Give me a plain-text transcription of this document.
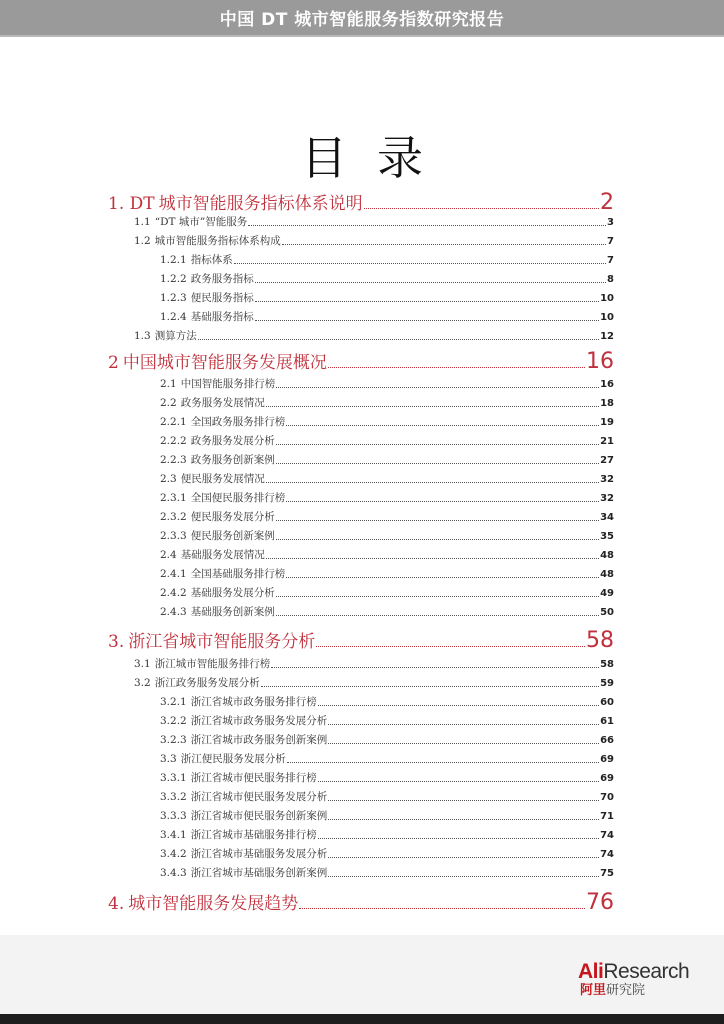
中国 DT 城市智能服务指数研究报告
目录
1. DT 城市智能服务指标体系说明	2
1.1 “DT 城市”智能服务	3
1.2 城市智能服务指标体系构成	7
1.2.1 指标体系	7
1.2.2 政务服务指标	8
1.2.3 便民服务指标	10
1.2.4 基础服务指标	10
1.3 测算方法	12
2 中国城市智能服务发展概况	16
2.1 中国智能服务排行榜	16
2.2 政务服务发展情况	18
2.2.1 全国政务服务排行榜	19
2.2.2 政务服务发展分析	21
2.2.3 政务服务创新案例	27
2.3 便民服务发展情况	32
2.3.1 全国便民服务排行榜	32
2.3.2 便民服务发展分析	34
2.3.3 便民服务创新案例	35
2.4 基础服务发展情况	48
2.4.1 全国基础服务排行榜	48
2.4.2 基础服务发展分析	49
2.4.3 基础服务创新案例	50
3. 浙江省城市智能服务分析	58
3.1 浙江城市智能服务排行榜	58
3.2 浙江政务服务发展分析	59
3.2.1 浙江省城市政务服务排行榜	60
3.2.2 浙江省城市政务服务发展分析	61
3.2.3 浙江省城市政务服务创新案例	66
3.3 浙江便民服务发展分析	69
3.3.1 浙江省城市便民服务排行榜	69
3.3.2 浙江省城市便民服务发展分析	70
3.3.3 浙江省城市便民服务创新案例	71
3.4.1 浙江省城市基础服务排行榜	74
3.4.2 浙江省城市基础服务发展分析	74
3.4.3 浙江省城市基础服务创新案例	75
4. 城市智能服务发展趋势	76
AliResearch
阿里研究院
